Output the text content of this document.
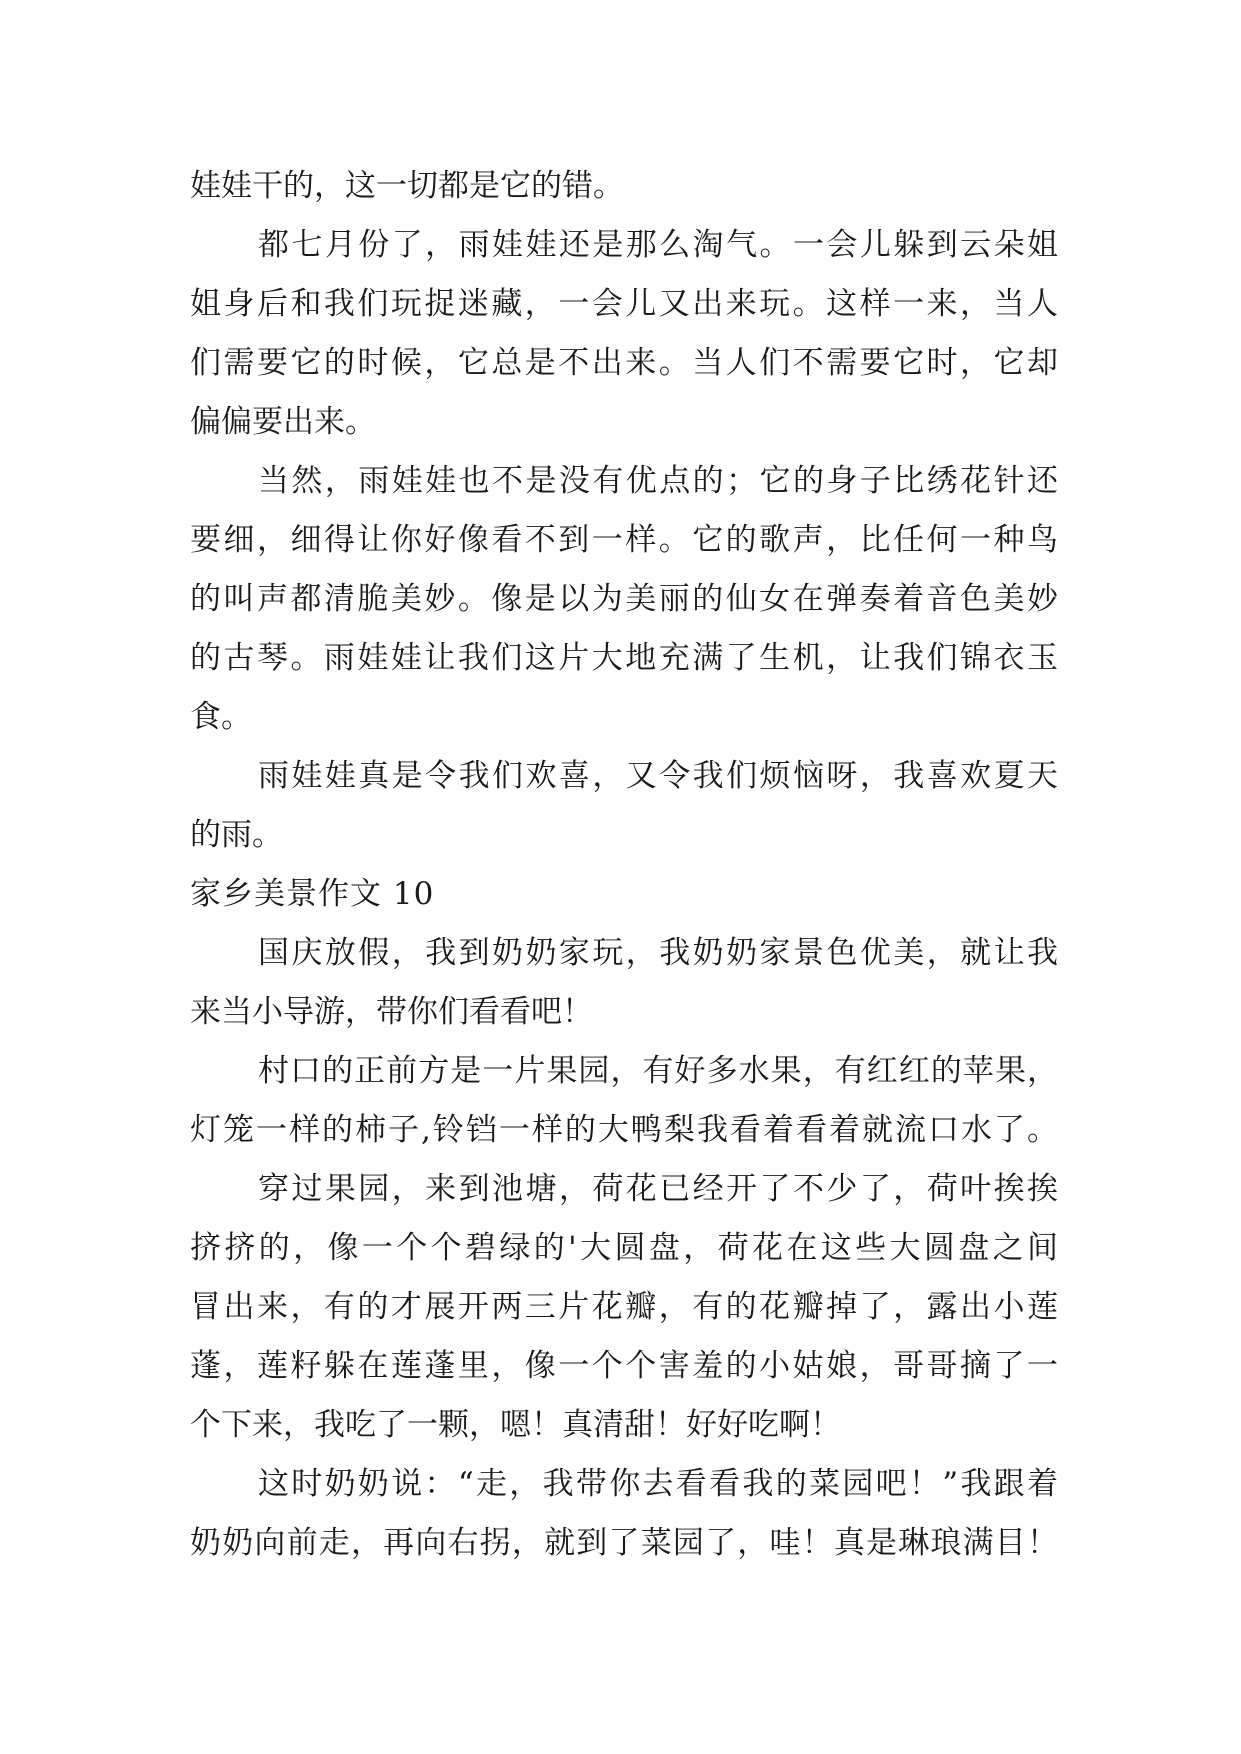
娃娃干的，这一切都是它的错。
都七月份了，雨娃娃还是那么淘气。一会儿躲到云朵姐
姐身后和我们玩捉迷藏，一会儿又出来玩。这样一来，当人
们需要它的时候，它总是不出来。当人们不需要它时，它却
偏偏要出来。
当然，雨娃娃也不是没有优点的；它的身子比绣花针还
要细，细得让你好像看不到一样。它的歌声，比任何一种鸟
的叫声都清脆美妙。像是以为美丽的仙女在弹奏着音色美妙
的古琴。雨娃娃让我们这片大地充满了生机，让我们锦衣玉
食。
雨娃娃真是令我们欢喜，又令我们烦恼呀，我喜欢夏天
的雨。
家乡美景作文 10
国庆放假，我到奶奶家玩，我奶奶家景色优美，就让我
来当小导游，带你们看看吧！
村口的正前方是一片果园，有好多水果，有红红的苹果，
灯笼一样的柿子,铃铛一样的大鸭梨我看着看着就流口水了。
穿过果园，来到池塘，荷花已经开了不少了，荷叶挨挨
挤挤的，像一个个碧绿的'大圆盘，荷花在这些大圆盘之间
冒出来，有的才展开两三片花瓣，有的花瓣掉了，露出小莲
蓬，莲籽躲在莲蓬里，像一个个害羞的小姑娘，哥哥摘了一
个下来，我吃了一颗，嗯！真清甜！好好吃啊！
这时奶奶说：“走，我带你去看看我的菜园吧！”我跟着
奶奶向前走，再向右拐，就到了菜园了，哇！真是琳琅满目！
